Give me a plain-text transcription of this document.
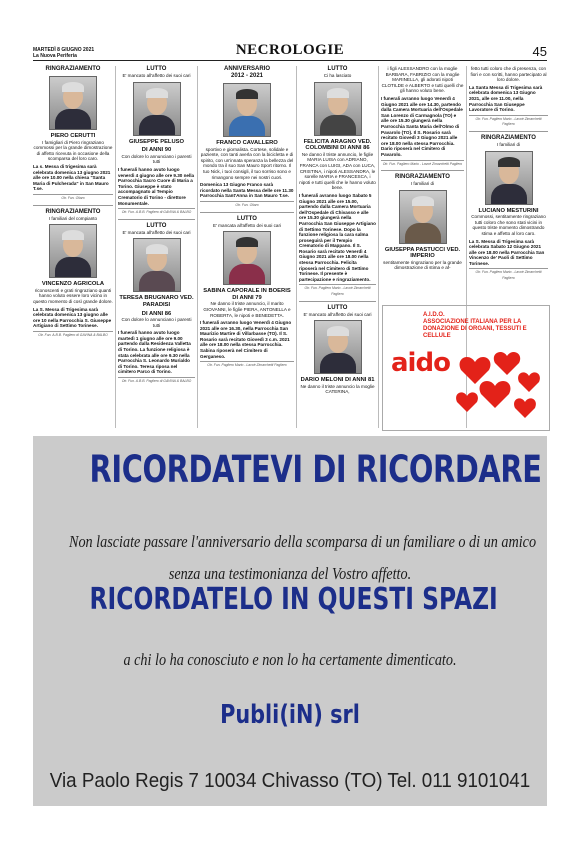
MARTEDÌ 8 GIUGNO 2021
La Nuova Periferia	NECROLOGIE	45
RINGRAZIAMENTO
PIERO CERUTTI

I famigliari di Piero ringraziano commossi per la grande dimostrazione di affetto ricevuta in occasione della scomparsa del loro caro.

La s. Messa di trigesima sarà celebrata domenica 13 giugno 2021 alle ore 10.00 nella chiesa "Santa Maria di Pulcherada" in San Mauro T.se.

Otr. Fun. Oliaro
RINGRAZIAMENTO

I familiari del compianto

VINCENZO AGRICOLA

riconoscenti e grati ringraziano quanti hanno voluto essere loro vicino in questo momento di così grande dolore.

La S. Messa di Trigesima sarà celebrata domenica 13 giugno alle ore 10 nella Parrocchia S. Giuseppe Artigiano di Settimo Torinese.

Otr. Fun. A.B.B. Pagliero di GAVINA & BALBO
LUTTO

E' mancato all'affetto dei suoi cari

GIUSEPPE PELUSO
DI ANNI 90

Con dolore lo annunciano i parenti tutti

I funerali hanno avuto luogo venerdì 4 giugno alle ore 9.30 nella Parrocchia Sacro Cuore di Maria a Torino. Giuseppe è stato accompagnato al Tempio Crematorio di Torino - direttore Monumentale.

Otr. Fun. A.B.B. Pagliero di GAVINA & BALBO
LUTTO

E' mancata all'affetto dei suoi cari

TERESA BRUGNARO VED. PARADISI
DI ANNI 86

Con dolore lo annunciano i parenti tutti

I funerali hanno avuto luogo martedì 1 giugno alle ore 9.00 partendo dalla Residenza Valletta di Torino. La funzione religiosa è stata celebrata alle ore 9.30 nella Parrocchia S. Leonardo Murialdo di Torino. Teresa riposa nel cimitero Parco di Torino.

Otr. Fun. A.B.B. Pagliero di GAVINA & BALBO
ANNIVERSARIO
2012 - 2021
FRANCO CAVALLERO

sportivo e giornalista. Cortese, solidale e paziente, con tanti averla con la bicicletta e di spirito, con un'innata speranza la bellezza del mondo tra il suo San Mauro Sport ritorno. Il tuo Nick, i tuoi consigli, il tuo sorriso sono e rimangono sempre nei nostri cuori.

Domenica 13 Giugno Franco sarà ricordato nella Santa Messa delle ore 11.30 Parrocchia Sant'Anna in San Mauro T.se.

Otr. Fun. Oliaro
LUTTO

E' mancata all'affetto dei suoi cari

SABINA CAPORALE IN BOERIS DI ANNI 79

Ne danno il triste annuncio, il marito GIOVANNI, le figlie PIERA, ANTONELLA e ROBERTA, le nipoti e BENEDETTA.

I funerali avranno luogo Venerdì 4 Giugno 2021 alle ore 16.30, nella Parrocchia San Maurizio Martire di Villarbasse (TO). Il S. Rosario sarà recitato Giovedì 3 c.m. 2021 alle ore 18.00 nella stessa Parrocchia. Sabina riposerà nel Cimitero di Gerganeso.

Otr. Fun. Pagliero Mario - Lavoè Zimarchetti Pagliero
LUTTO

Ci ha lasciato

FELICITA ARAGNO VED. COLOMBINI DI ANNI 86

Ne danno il triste annuncio, le figlie MARIA LUISA con ADRIANO, FRANCA con LUIGI, ADA con LUCA, CRISTINA, i nipoti ALESSANDRA, le sorelle MARIA e FRANCESCA, i nipoti e tutti quelli che le hanno voluto bene.

I funerali avranno luogo Sabato 5 Giugno 2021 alle ore 15.00, partendo dalla Camera Mortuaria dell'Ospedale di Chivasso e alle ore 15.30 giungerà nella Parrocchia San Giuseppe Artigiano di Settimo Torinese. Dopo la funzione religiosa la cara salma proseguirà per il Tempio Crematorio di Mappano. Il S. Rosario sarà recitato Venerdì 4 Giugno 2021 alle ore 18.00 nella stessa Parrocchia. Felicita riposerà nel Cimitero di Settimo Torinese. Il presente è partecipazione e ringraziamento.

Otr. Fun. Pagliero Mario - Lavoè Zimarchetti Pagliero
LUTTO

E' mancato all'affetto dei suoi cari

DARIO MELONI DI ANNI 81

Ne danno il triste annuncio la moglie CATERINA,

i figli ALESSANDRO con la moglie BARBARA, FABRIZIO con la moglie MARINELLA, gli adorati nipoti CLOTILDE e ALBERTO e tutti quelli che gli hanno voluto bene.

I funerali avranno luogo Venerdì 4 Giugno 2021 alle ore 14.30, partendo dalla Camera Mortuaria dell'Ospedale San Lorenzo di Carmagnola (TO) e alle ore 15.30 giungerà nella Parrocchia Santa Maria dell'Olmo di Pavarolo (TO). Il S. Rosario sarà recitato Giovedì 3 Giugno 2021 alle ore 18.00 nella stessa Parrocchia. Dario riposerà nel Cimitero di Pavarolo.

Otr. Fun. Pagliero Mario - Lavoè Zimarchetti Pagliero
RINGRAZIAMENTO

I familiari di

GIUSEPPA PASTUCCI VED. IMPERIO

sentitamente ringraziano per la grande dimostrazione di stima e af-

fetto tutti coloro che di presenza, con fiori e con scritti, hanno partecipato al loro dolore.

La Santa Messa di Trigesima sarà celebrata domenica 13 Giugno 2021, alle ore 11.00, nella Parrocchia San Giuseppe Lavoratore di Torino.

Otr. Fun. Pagliero Mario - Lavoè Zimarchetti Pagliero
RINGRAZIAMENTO

I familiari di

LUCIANO MESTURINI

Commossi, sentitamente ringraziano tutti coloro che sono stati vicini in questo triste momento dimostrando stima e affetto al loro caro.

La S. Messa di Trigesima sarà celebrata Sabato 12 Giugno 2021 alle ore 18.00 nella Parrocchia San Vincenzo de' Paoli di Settimo Torinese.

Otr. Fun. Pagliero Mario - Lavoè Zimarchetti Pagliero
A.I.D.O.
ASSOCIAZIONE ITALIANA PER LA DONAZIONE DI ORGANI, TESSUTI E CELLULE
aido
RICORDATEVI DI RICORDARE
Non lasciate passare l'anniversario della scomparsa di un familiare o di un amico
senza una testimonianza del Vostro affetto.
RICORDATELO IN QUESTI SPAZI
a chi lo ha conosciuto e non lo ha certamente dimenticato.
Publi(iN) srl
Via Paolo Regis 7 10034 Chivasso (TO) Tel. 011 9101041
